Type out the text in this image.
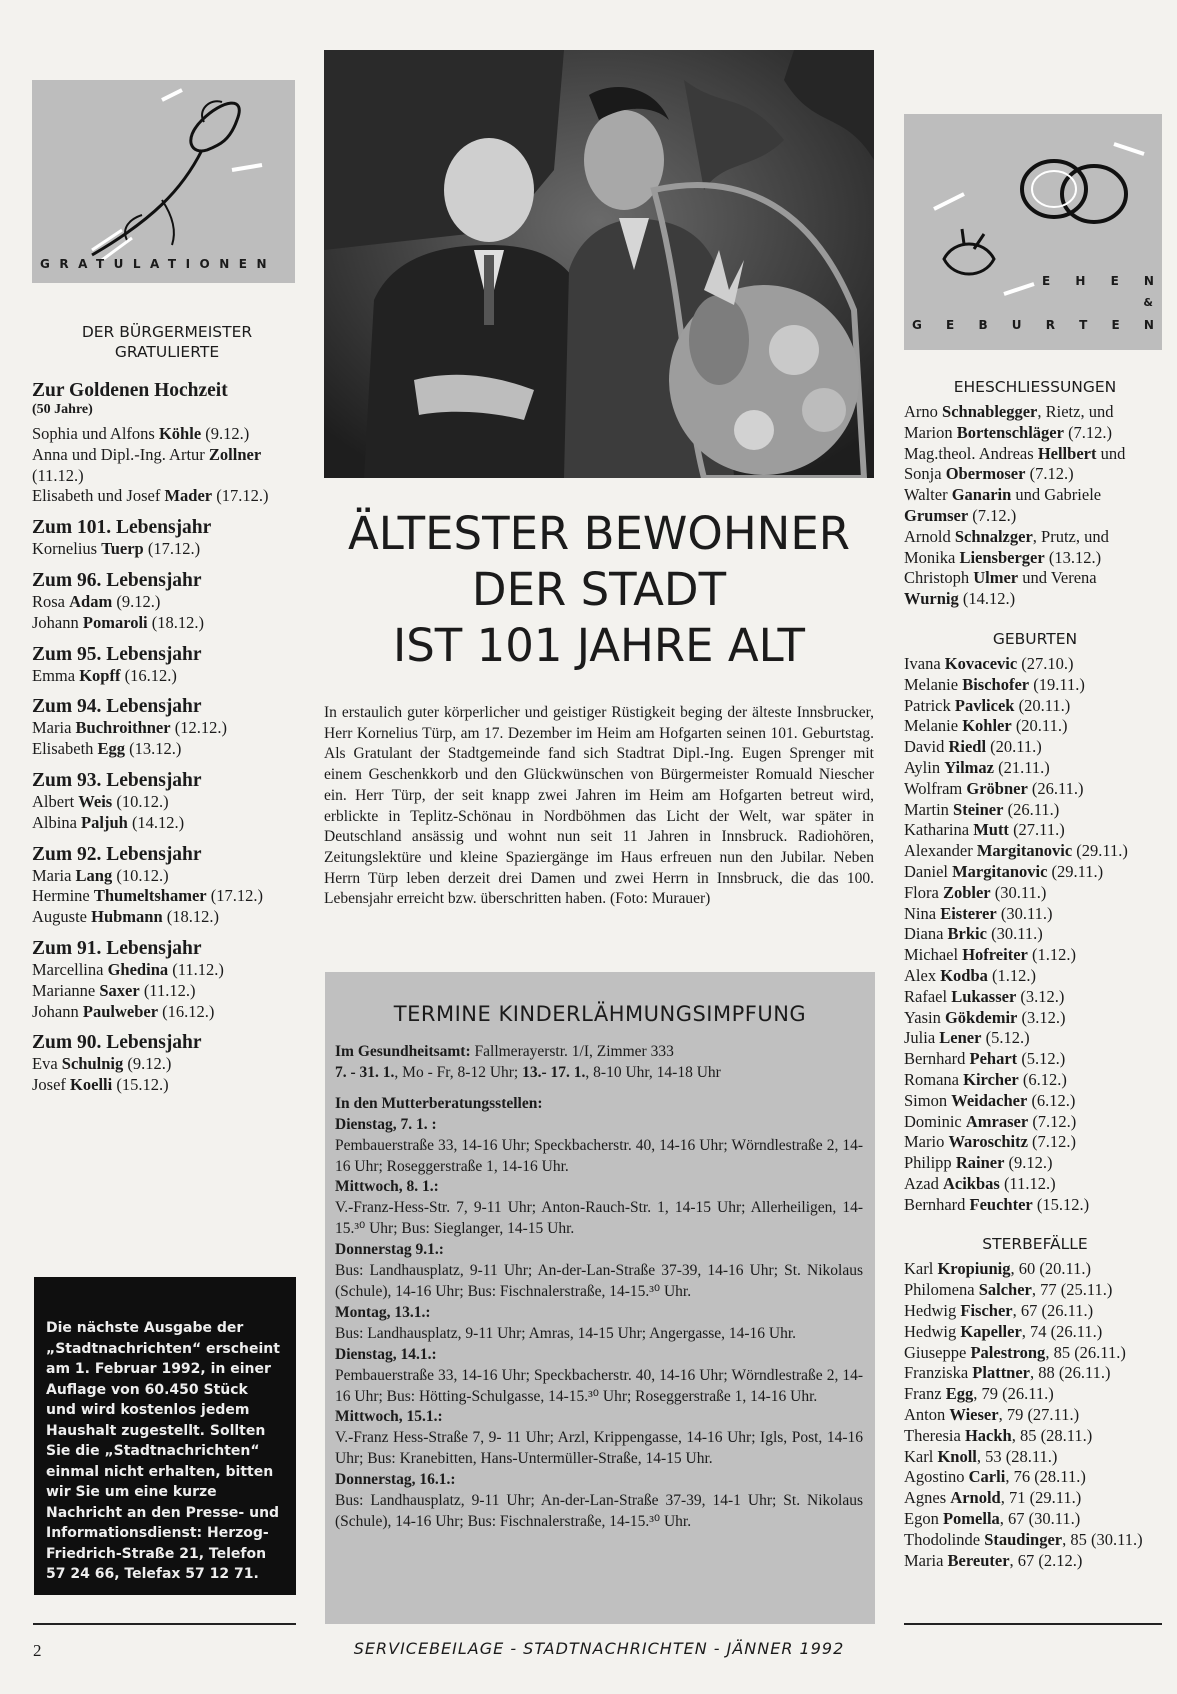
GRATULATIONEN
DER BÜRGERMEISTER GRATULIERTE
Zur Goldenen Hochzeit
(50 Jahre)
Sophia und Alfons Köhle (9.12.)
Anna und Dipl.-Ing. Artur Zollner (11.12.)
Elisabeth und Josef Mader (17.12.)
Zum 101. Lebensjahr
Kornelius Tuerp (17.12.)
Zum 96. Lebensjahr
Rosa Adam (9.12.)
Johann Pomaroli (18.12.)
Zum 95. Lebensjahr
Emma Kopff (16.12.)
Zum 94. Lebensjahr
Maria Buchroithner (12.12.)
Elisabeth Egg (13.12.)
Zum 93. Lebensjahr
Albert Weis (10.12.)
Albina Paljuh (14.12.)
Zum 92. Lebensjahr
Maria Lang (10.12.)
Hermine Thumeltshamer (17.12.)
Auguste Hubmann (18.12.)
Zum 91. Lebensjahr
Marcellina Ghedina (11.12.)
Marianne Saxer (11.12.)
Johann Paulweber (16.12.)
Zum 90. Lebensjahr
Eva Schulnig (9.12.)
Josef Koelli (15.12.)

Die nächste Ausgabe der „Stadtnachrichten“ erscheint am 1. Februar 1992, in einer Auflage von 60.450 Stück und wird kostenlos jedem Haushalt zugestellt. Sollten Sie die „Stadtnachrichten“ einmal nicht erhalten, bitten wir Sie um eine kurze Nachricht an den Presse- und Informationsdienst: Herzog-Friedrich-Straße 21, Telefon 57 24 66, Telefax 57 12 71.

ÄLTESTER BEWOHNER
DER STADT
IST 101 JAHRE ALT
In erstaulich guter körperlicher und geistiger Rüstigkeit beging der älteste Innsbrucker, Herr Kornelius Türp, am 17. Dezember im Heim am Hofgarten seinen 101. Geburtstag. Als Gratulant der Stadtgemeinde fand sich Stadtrat Dipl.-Ing. Eugen Sprenger mit einem Geschenkkorb und den Glückwünschen von Bürgermeister Romuald Niescher ein. Herr Türp, der seit knapp zwei Jahren im Heim am Hofgarten betreut wird, erblickte in Teplitz-Schönau in Nordböhmen das Licht der Welt, war später in Deutschland ansässig und wohnt nun seit 11 Jahren in Innsbruck. Radiohören, Zeitungslektüre und kleine Spaziergänge im Haus erfreuen nun den Jubilar. Neben Herrn Türp leben derzeit drei Damen und zwei Herrn in Innsbruck, die das 100. Lebensjahr erreicht bzw. überschritten haben. (Foto: Murauer)
TERMINE KINDERLÄHMUNGSIMPFUNG
Im Gesundheitsamt: Fallmerayerstr. 1/I, Zimmer 333
7. - 31. 1., Mo - Fr, 8-12 Uhr; 13.- 17. 1., 8-10 Uhr, 14-18 Uhr
In den Mutterberatungsstellen:
Dienstag, 7. 1. :
Pembauerstraße 33, 14-16 Uhr; Speckbacherstr. 40, 14-16 Uhr; Wörndlestraße 2, 14-16 Uhr; Roseggerstraße 1, 14-16 Uhr.
Mittwoch, 8. 1.:
V.-Franz-Hess-Str. 7, 9-11 Uhr; Anton-Rauch-Str. 1, 14-15 Uhr; Allerheiligen, 14-15.³⁰ Uhr; Bus: Sieglanger, 14-15 Uhr.
Donnerstag 9.1.:
Bus: Landhausplatz, 9-11 Uhr; An-der-Lan-Straße 37-39, 14-16 Uhr; St. Nikolaus (Schule), 14-16 Uhr; Bus: Fischnalerstraße, 14-15.³⁰ Uhr.
Montag, 13.1.:
Bus: Landhausplatz, 9-11 Uhr; Amras, 14-15 Uhr; Angergasse, 14-16 Uhr.
Dienstag, 14.1.:
Pembauerstraße 33, 14-16 Uhr; Speckbacherstr. 40, 14-16 Uhr; Wörndlestraße 2, 14-16 Uhr; Bus: Hötting-Schulgasse, 14-15.³⁰ Uhr; Roseggerstraße 1, 14-16 Uhr.
Mittwoch, 15.1.:
V.-Franz Hess-Straße 7, 9- 11 Uhr; Arzl, Krippengasse, 14-16 Uhr; Igls, Post, 14-16 Uhr; Bus: Kranebitten, Hans-Untermüller-Straße, 14-15 Uhr.
Donnerstag, 16.1.:
Bus: Landhausplatz, 9-11 Uhr; An-der-Lan-Straße 37-39, 14-1 Uhr; St. Nikolaus (Schule), 14-16 Uhr; Bus: Fischnalerstraße, 14-15.³⁰ Uhr.
E H E N
&
G E B U R T E N
EHESCHLIESSUNGEN
Arno Schnablegger, Rietz, und
Marion Bortenschläger (7.12.)
Mag.theol. Andreas Hellbert und
Sonja Obermoser (7.12.)
Walter Ganarin und Gabriele
Grumser (7.12.)
Arnold Schnalzger, Prutz, und
Monika Liensberger (13.12.)
Christoph Ulmer und Verena
Wurnig (14.12.)
GEBURTEN
Ivana Kovacevic (27.10.)
Melanie Bischofer (19.11.)
Patrick Pavlicek (20.11.)
Melanie Kohler (20.11.)
David Riedl (20.11.)
Aylin Yilmaz (21.11.)
Wolfram Gröbner (26.11.)
Martin Steiner (26.11.)
Katharina Mutt (27.11.)
Alexander Margitanovic (29.11.)
Daniel Margitanovic (29.11.)
Flora Zobler (30.11.)
Nina Eisterer (30.11.)
Diana Brkic (30.11.)
Michael Hofreiter (1.12.)
Alex Kodba (1.12.)
Rafael Lukasser (3.12.)
Yasin Gökdemir (3.12.)
Julia Lener (5.12.)
Bernhard Pehart (5.12.)
Romana Kircher (6.12.)
Simon Weidacher (6.12.)
Dominic Amraser (7.12.)
Mario Waroschitz (7.12.)
Philipp Rainer (9.12.)
Azad Acikbas (11.12.)
Bernhard Feuchter (15.12.)
STERBEFÄLLE
Karl Kropiunig, 60 (20.11.)
Philomena Salcher, 77 (25.11.)
Hedwig Fischer, 67 (26.11.)
Hedwig Kapeller, 74 (26.11.)
Giuseppe Palestrong, 85 (26.11.)
Franziska Plattner, 88 (26.11.)
Franz Egg, 79 (26.11.)
Anton Wieser, 79 (27.11.)
Theresia Hackh, 85 (28.11.)
Karl Knoll, 53 (28.11.)
Agostino Carli, 76 (28.11.)
Agnes Arnold, 71 (29.11.)
Egon Pomella, 67 (30.11.)
Thodolinde Staudinger, 85 (30.11.)
Maria Bereuter, 67 (2.12.)
2	SERVICEBEILAGE - STADTNACHRICHTEN - JÄNNER 1992
